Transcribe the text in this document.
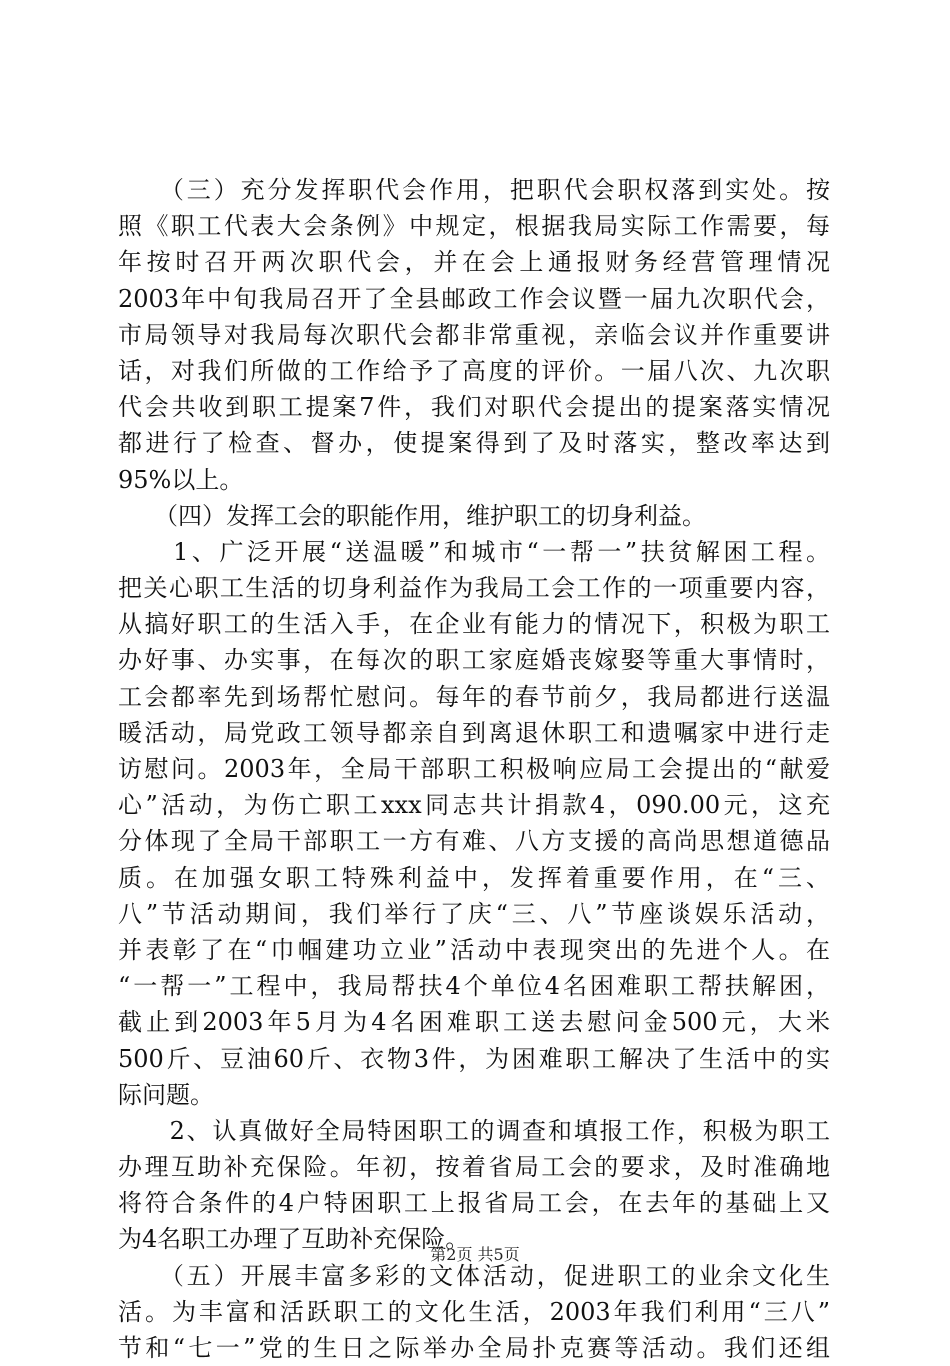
　　（三）充分发挥职代会作用，把职代会职权落到实处。按
照《职工代表大会条例》中规定，根据我局实际工作需要，每
年按时召开两次职代会，并在会上通报财务经营管理情况
2003年中旬我局召开了全县邮政工作会议暨一届九次职代会，
市局领导对我局每次职代会都非常重视，亲临会议并作重要讲
话，对我们所做的工作给予了高度的评价。一届八次、九次职
代会共收到职工提案7件，我们对职代会提出的提案落实情况
都进行了检查、督办，使提案得到了及时落实，整改率达到
95%以上。
　　（四）发挥工会的职能作用，维护职工的切身利益。
　　1、广泛开展“送温暖”和城市“一帮一”扶贫解困工程。
把关心职工生活的切身利益作为我局工会工作的一项重要内容，
从搞好职工的生活入手，在企业有能力的情况下，积极为职工
办好事、办实事，在每次的职工家庭婚丧嫁娶等重大事情时，
工会都率先到场帮忙慰问。每年的春节前夕，我局都进行送温
暖活动，局党政工领导都亲自到离退休职工和遗嘱家中进行走
访慰问。2003年，全局干部职工积极响应局工会提出的“献爱
心”活动，为伤亡职工xxx同志共计捐款4，090.00元，这充
分体现了全局干部职工一方有难、八方支援的高尚思想道德品
质。在加强女职工特殊利益中，发挥着重要作用，在“三、
八”节活动期间，我们举行了庆“三、八”节座谈娱乐活动，
并表彰了在“巾帼建功立业”活动中表现突出的先进个人。在
“一帮一”工程中，我局帮扶4个单位4名困难职工帮扶解困，
截止到2003年5月为4名困难职工送去慰问金500元，大米
500斤、豆油60斤、衣物3件，为困难职工解决了生活中的实
际问题。
　　2、认真做好全局特困职工的调查和填报工作，积极为职工
办理互助补充保险。年初，按着省局工会的要求，及时准确地
将符合条件的4户特困职工上报省局工会，在去年的基础上又
为4名职工办理了互助补充保险。
　　（五）开展丰富多彩的文体活动，促进职工的业余文化生
活。为丰富和活跃职工的文化生活，2003年我们利用“三八”
节和“七一”党的生日之际举办全局扑克赛等活动。我们还组
第2页 共5页
